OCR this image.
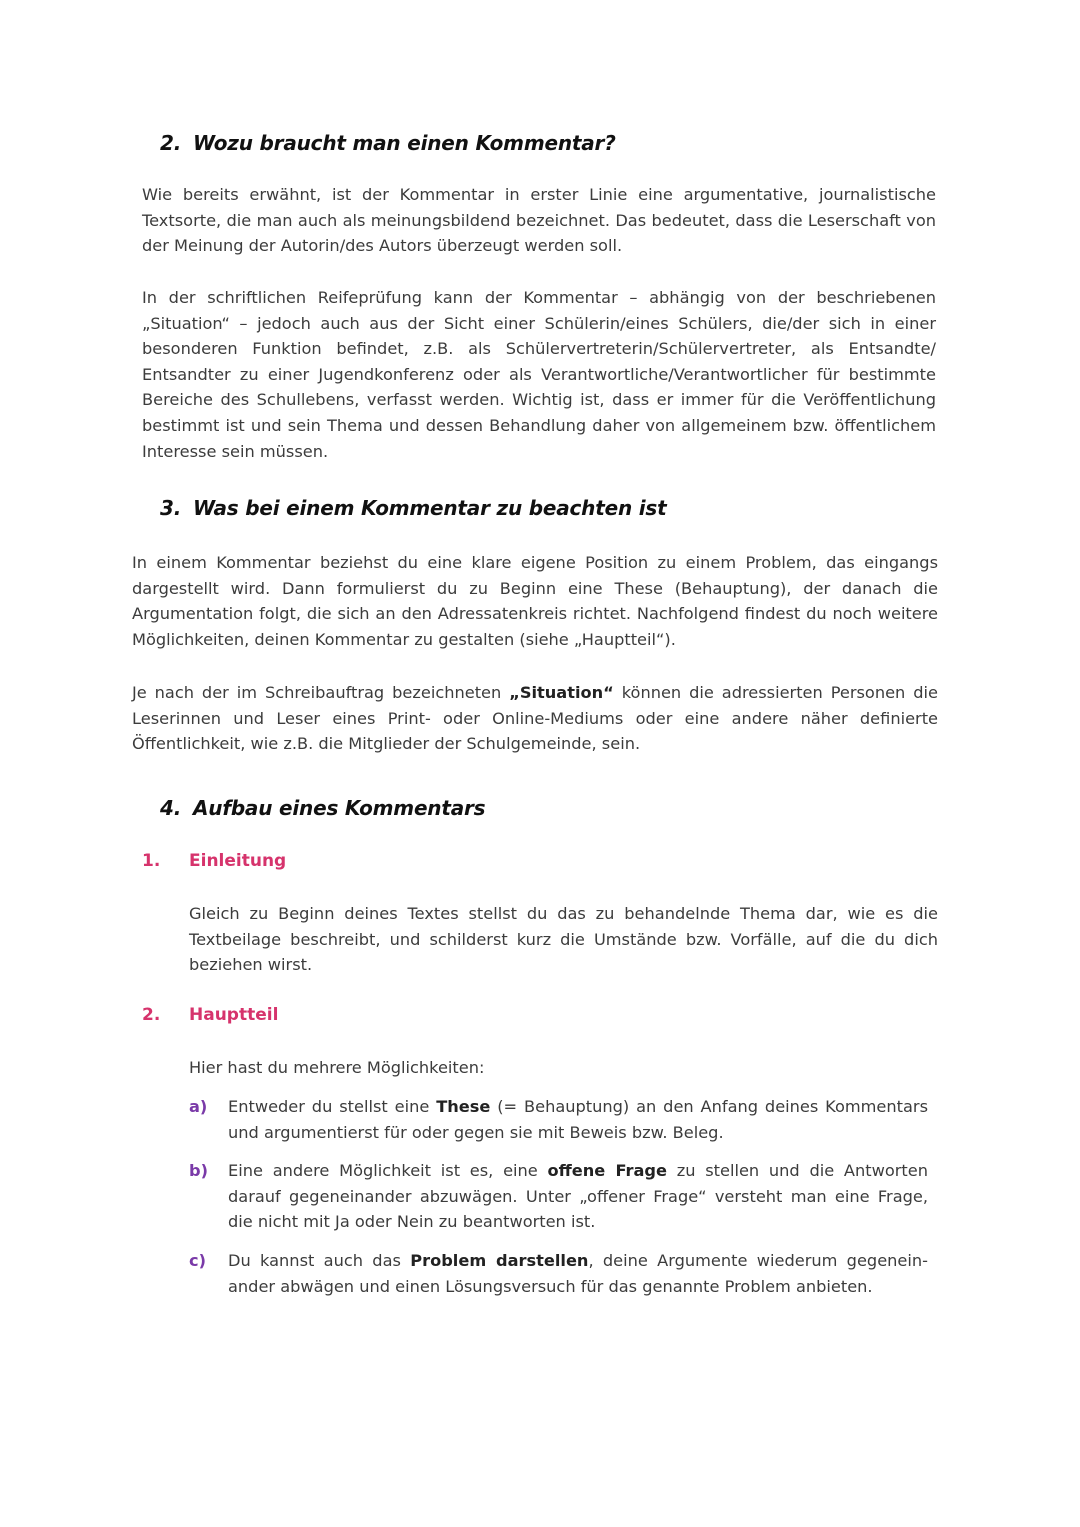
2. Wozu braucht man einen Kommentar?

Wie bereits erwähnt, ist der Kommentar in erster Linie eine argumentative, journalistische Textsorte, die man auch als meinungsbildend bezeichnet. Das bedeutet, dass die Leserschaft von der Meinung der Autorin/des Autors überzeugt werden soll.

In der schriftlichen Reifeprüfung kann der Kommentar – abhängig von der beschriebenen „Situation“ – jedoch auch aus der Sicht einer Schülerin/eines Schülers, die/der sich in einer besonderen Funktion befindet, z.B. als Schülervertreterin/Schülervertreter, als Entsandte/ Entsandter zu einer Jugendkonferenz oder als Verantwortliche/Verantwortlicher für bestimmte Bereiche des Schullebens, verfasst werden. Wichtig ist, dass er immer für die Veröffentlichung bestimmt ist und sein Thema und dessen Behandlung daher von allgemeinem bzw. öffentlichem Interesse sein müssen.

3. Was bei einem Kommentar zu beachten ist

In einem Kommentar beziehst du eine klare eigene Position zu einem Problem, das eingangs dargestellt wird. Dann formulierst du zu Beginn eine These (Behauptung), der danach die Argumentation folgt, die sich an den Adressatenkreis richtet. Nachfolgend findest du noch weitere Möglichkeiten, deinen Kommentar zu gestalten (siehe „Hauptteil“).

Je nach der im Schreibauftrag bezeichneten „Situation“ können die adressierten Personen die Leserinnen und Leser eines Print- oder Online-Mediums oder eine andere näher definierte Öffentlichkeit, wie z.B. die Mitglieder der Schulgemeinde, sein.

4. Aufbau eines Kommentars
1. Einleitung

Gleich zu Beginn deines Textes stellst du das zu behandelnde Thema dar, wie es die Textbeilage beschreibt, und schilderst kurz die Umstände bzw. Vorfälle, auf die du dich beziehen wirst.

2. Hauptteil

Hier hast du mehrere Möglichkeiten:

a) Entweder du stellst eine These (= Behauptung) an den Anfang deines Kommentars und argumentierst für oder gegen sie mit Beweis bzw. Beleg.

b) Eine andere Möglichkeit ist es, eine offene Frage zu stellen und die Antworten darauf gegeneinander abzuwägen. Unter „offener Frage“ versteht man eine Frage, die nicht mit Ja oder Nein zu beantworten ist.

c) Du kannst auch das Problem darstellen, deine Argumente wiederum gegeneinander abwägen und einen Lösungsversuch für das genannte Problem anbieten.
